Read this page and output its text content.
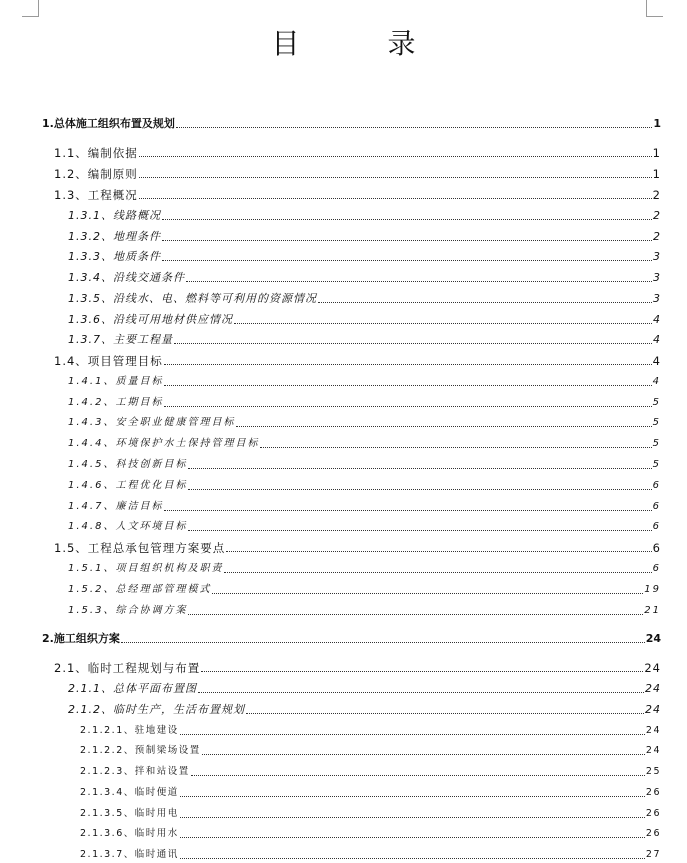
目　录
1.总体施工组织布置及规划	1
1.1、编制依据	1
1.2、编制原则	1
1.3、工程概况	2
1.3.1、线路概况	2
1.3.2、地理条件	2
1.3.3、地质条件	3
1.3.4、沿线交通条件	3
1.3.5、沿线水、电、燃料等可利用的资源情况	3
1.3.6、沿线可用地材供应情况	4
1.3.7、主要工程量	4
1.4、项目管理目标	4
1.4.1、质量目标	4
1.4.2、工期目标	5
1.4.3、安全职业健康管理目标	5
1.4.4、环境保护水土保持管理目标	5
1.4.5、科技创新目标	5
1.4.6、工程优化目标	6
1.4.7、廉洁目标	6
1.4.8、人文环境目标	6
1.5、工程总承包管理方案要点	6
1.5.1、项目组织机构及职责	6
1.5.2、总经理部管理模式	19
1.5.3、综合协调方案	21
2.施工组织方案	24
2.1、临时工程规划与布置	24
2.1.1、总体平面布置图	24
2.1.2、临时生产，生活布置规划	24
2.1.2.1、驻地建设	24
2.1.2.2、预制梁场设置	24
2.1.2.3、拌和站设置	25
2.1.3.4、临时便道	26
2.1.3.5、临时用电	26
2.1.3.6、临时用水	26
2.1.3.7、临时通讯	27
